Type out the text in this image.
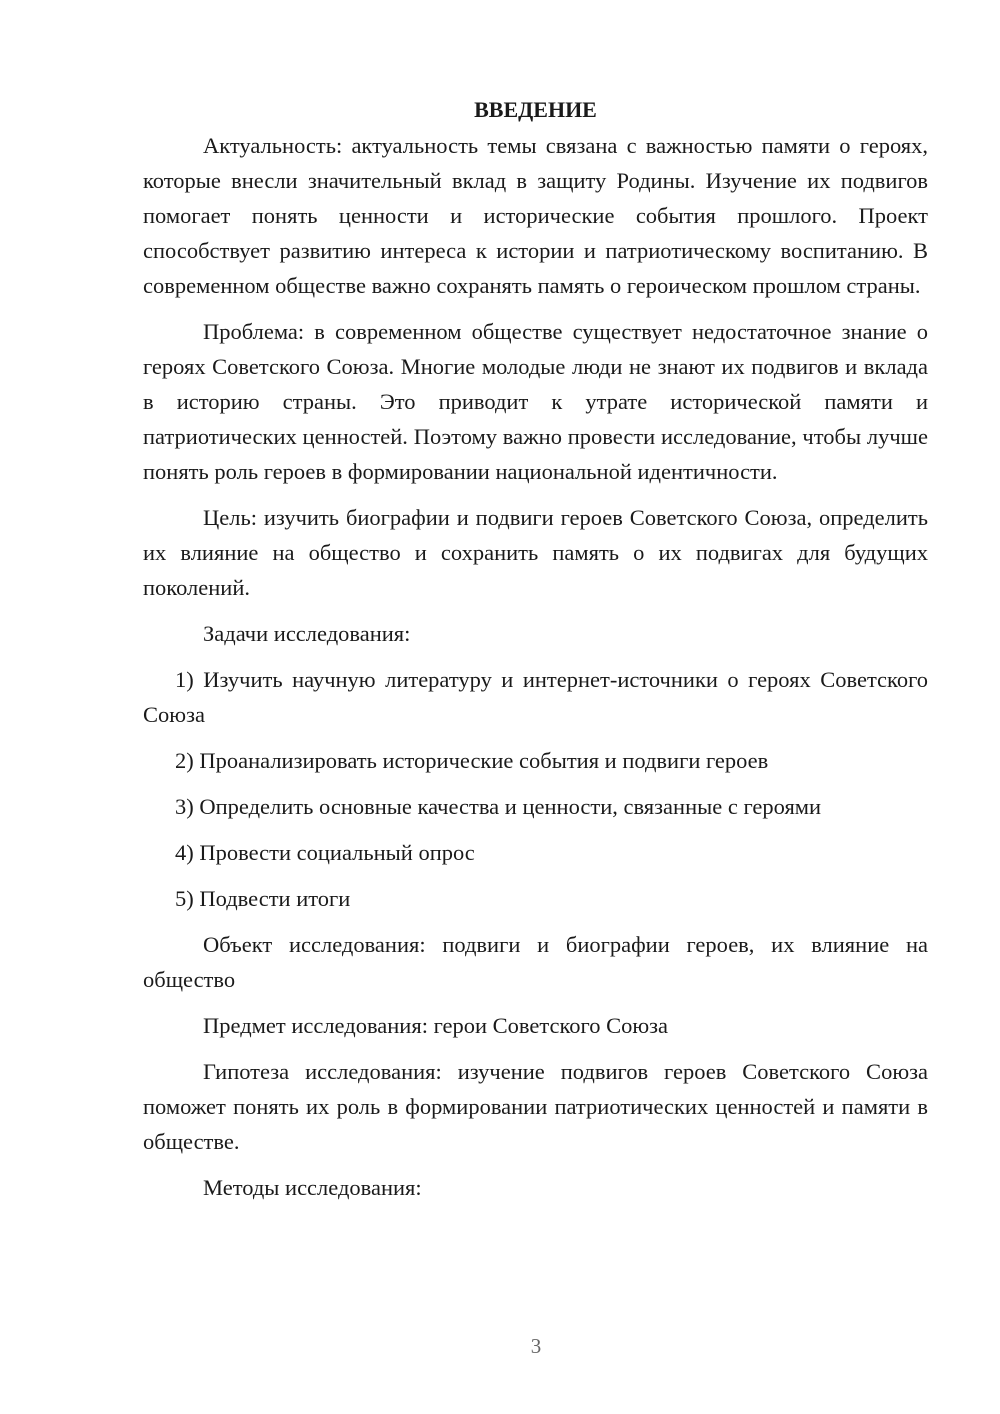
ВВЕДЕНИЕ

Актуальность: актуальность темы связана с важностью памяти о героях, которые внесли значительный вклад в защиту Родины. Изучение их подвигов помогает понять ценности и исторические события прошлого. Проект способствует развитию интереса к истории и патриотическому воспитанию. В современном обществе важно сохранять память о героическом прошлом страны.

Проблема: в современном обществе существует недостаточное знание о героях Советского Союза. Многие молодые люди не знают их подвигов и вклада в историю страны. Это приводит к утрате исторической памяти и патриотических ценностей. Поэтому важно провести исследование, чтобы лучше понять роль героев в формировании национальной идентичности.

Цель: изучить биографии и подвиги героев Советского Союза, определить их влияние на общество и сохранить память о их подвигах для будущих поколений.

Задачи исследования:

1) Изучить научную литературу и интернет-источники о героях Советского Союза

2) Проанализировать исторические события и подвиги героев

3) Определить основные качества и ценности, связанные с героями

4) Провести социальный опрос

5) Подвести итоги

Объект исследования: подвиги и биографии героев, их влияние на общество

Предмет исследования: герои Советского Союза

Гипотеза исследования: изучение подвигов героев Советского Союза поможет понять их роль в формировании патриотических ценностей и памяти в обществе.

Методы исследования:

3
